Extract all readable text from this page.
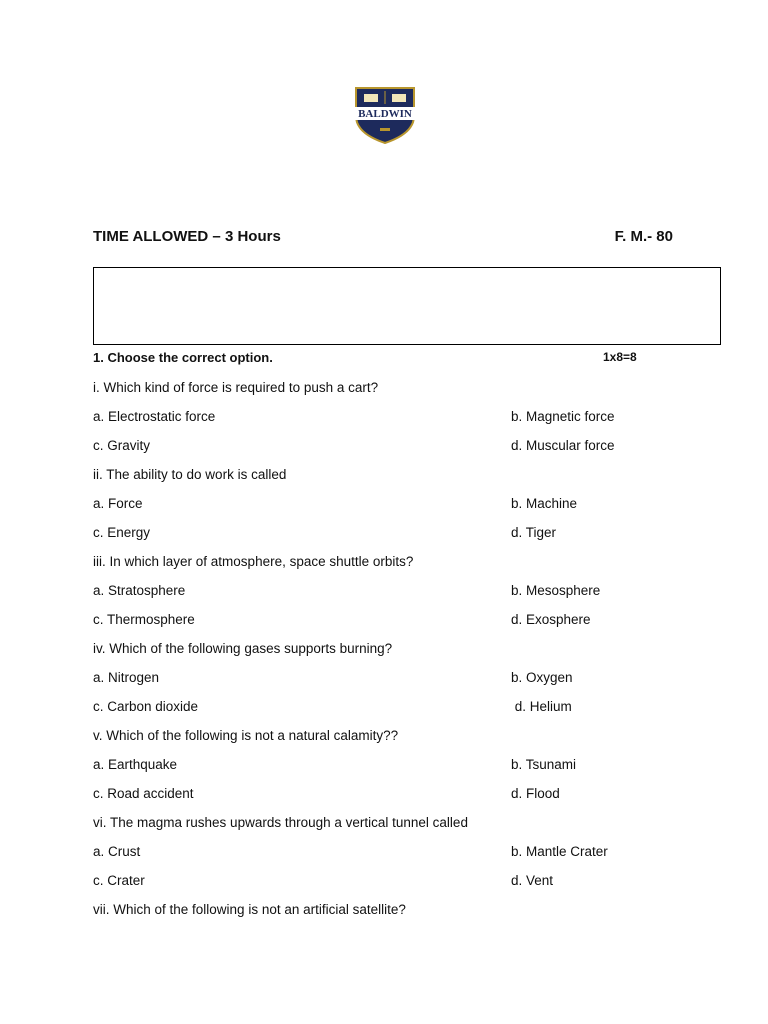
BALDWIN
TIME ALLOWED – 3 Hours	F. M.- 80
1. Choose the correct option.	1x8=8
i. Which kind of force is required to push a cart?
a. Electrostatic force	b. Magnetic force
c. Gravity	d. Muscular force
ii. The ability to do work is called
a. Force	b. Machine
c. Energy	d. Tiger
iii. In which layer of atmosphere, space shuttle orbits?
a. Stratosphere	b. Mesosphere
c. Thermosphere	d. Exosphere
iv. Which of the following gases supports burning?
a. Nitrogen	b. Oxygen
c. Carbon dioxide	d. Helium
v. Which of the following is not a natural calamity??
a. Earthquake	b. Tsunami
c. Road accident	d. Flood
vi. The magma rushes upwards through a vertical tunnel called
a. Crust	b. Mantle Crater
c. Crater	d. Vent
vii. Which of the following is not an artificial satellite?
